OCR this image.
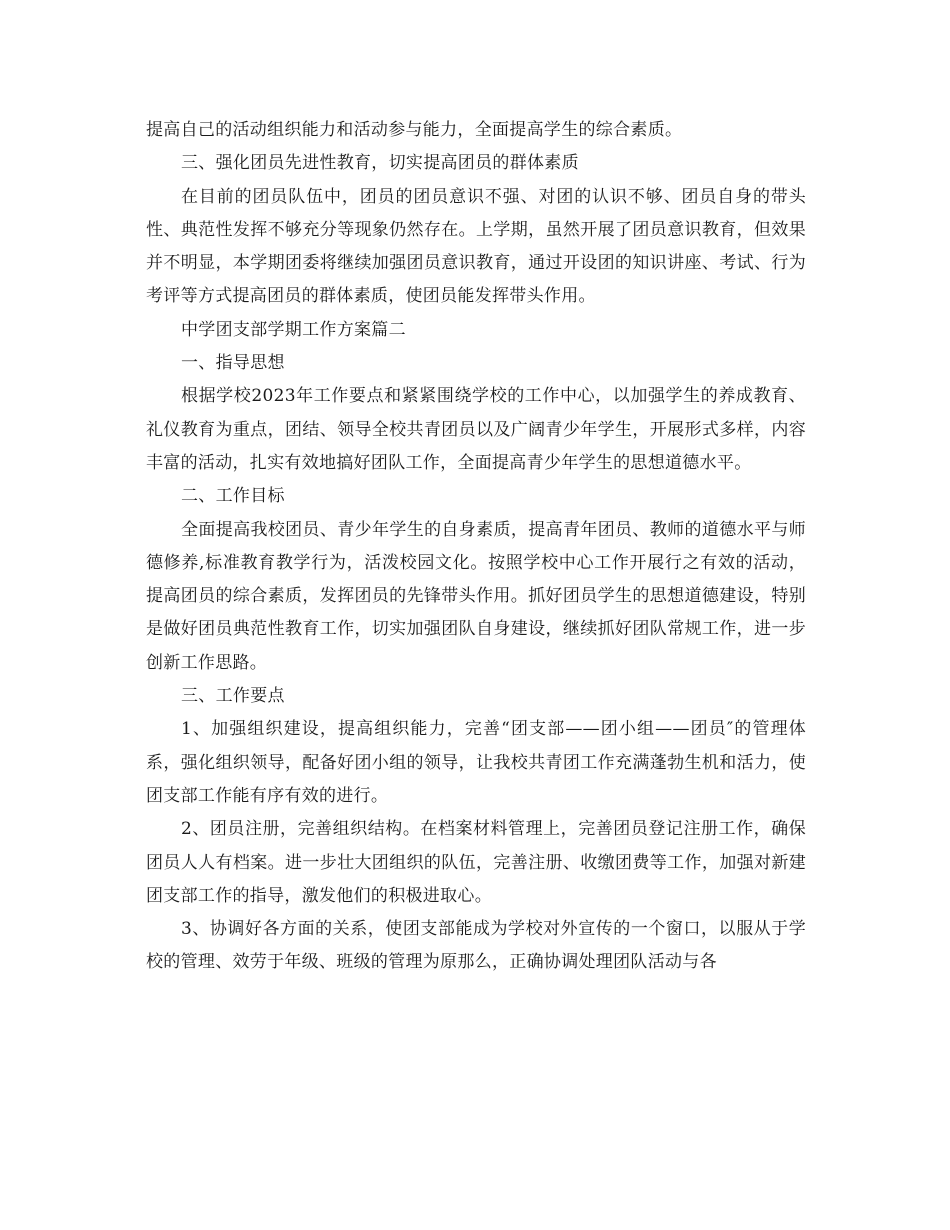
提高自己的活动组织能力和活动参与能力，全面提高学生的综合素质。

三、强化团员先进性教育，切实提高团员的群体素质

在目前的团员队伍中，团员的团员意识不强、对团的认识不够、团员自身的带头性、典范性发挥不够充分等现象仍然存在。上学期，虽然开展了团员意识教育，但效果并不明显，本学期团委将继续加强团员意识教育，通过开设团的知识讲座、考试、行为考评等方式提高团员的群体素质，使团员能发挥带头作用。

中学团支部学期工作方案篇二

一、指导思想

根据学校2023年工作要点和紧紧围绕学校的工作中心，以加强学生的养成教育、礼仪教育为重点，团结、领导全校共青团员以及广阔青少年学生，开展形式多样，内容丰富的活动，扎实有效地搞好团队工作，全面提高青少年学生的思想道德水平。

二、工作目标

全面提高我校团员、青少年学生的自身素质，提高青年团员、教师的道德水平与师德修养,标准教育教学行为，活泼校园文化。按照学校中心工作开展行之有效的活动，提高团员的综合素质，发挥团员的先锋带头作用。抓好团员学生的思想道德建设，特别是做好团员典范性教育工作，切实加强团队自身建设，继续抓好团队常规工作，进一步创新工作思路。

三、工作要点

1、加强组织建设，提高组织能力，完善“团支部——团小组——团员″的管理体系，强化组织领导，配备好团小组的领导，让我校共青团工作充满蓬勃生机和活力，使团支部工作能有序有效的进行。

2、团员注册，完善组织结构。在档案材料管理上，完善团员登记注册工作，确保团员人人有档案。进一步壮大团组织的队伍，完善注册、收缴团费等工作，加强对新建团支部工作的指导，激发他们的积极进取心。

3、协调好各方面的关系，使团支部能成为学校对外宣传的一个窗口，以服从于学校的管理、效劳于年级、班级的管理为原那么，正确协调处理团队活动与各
